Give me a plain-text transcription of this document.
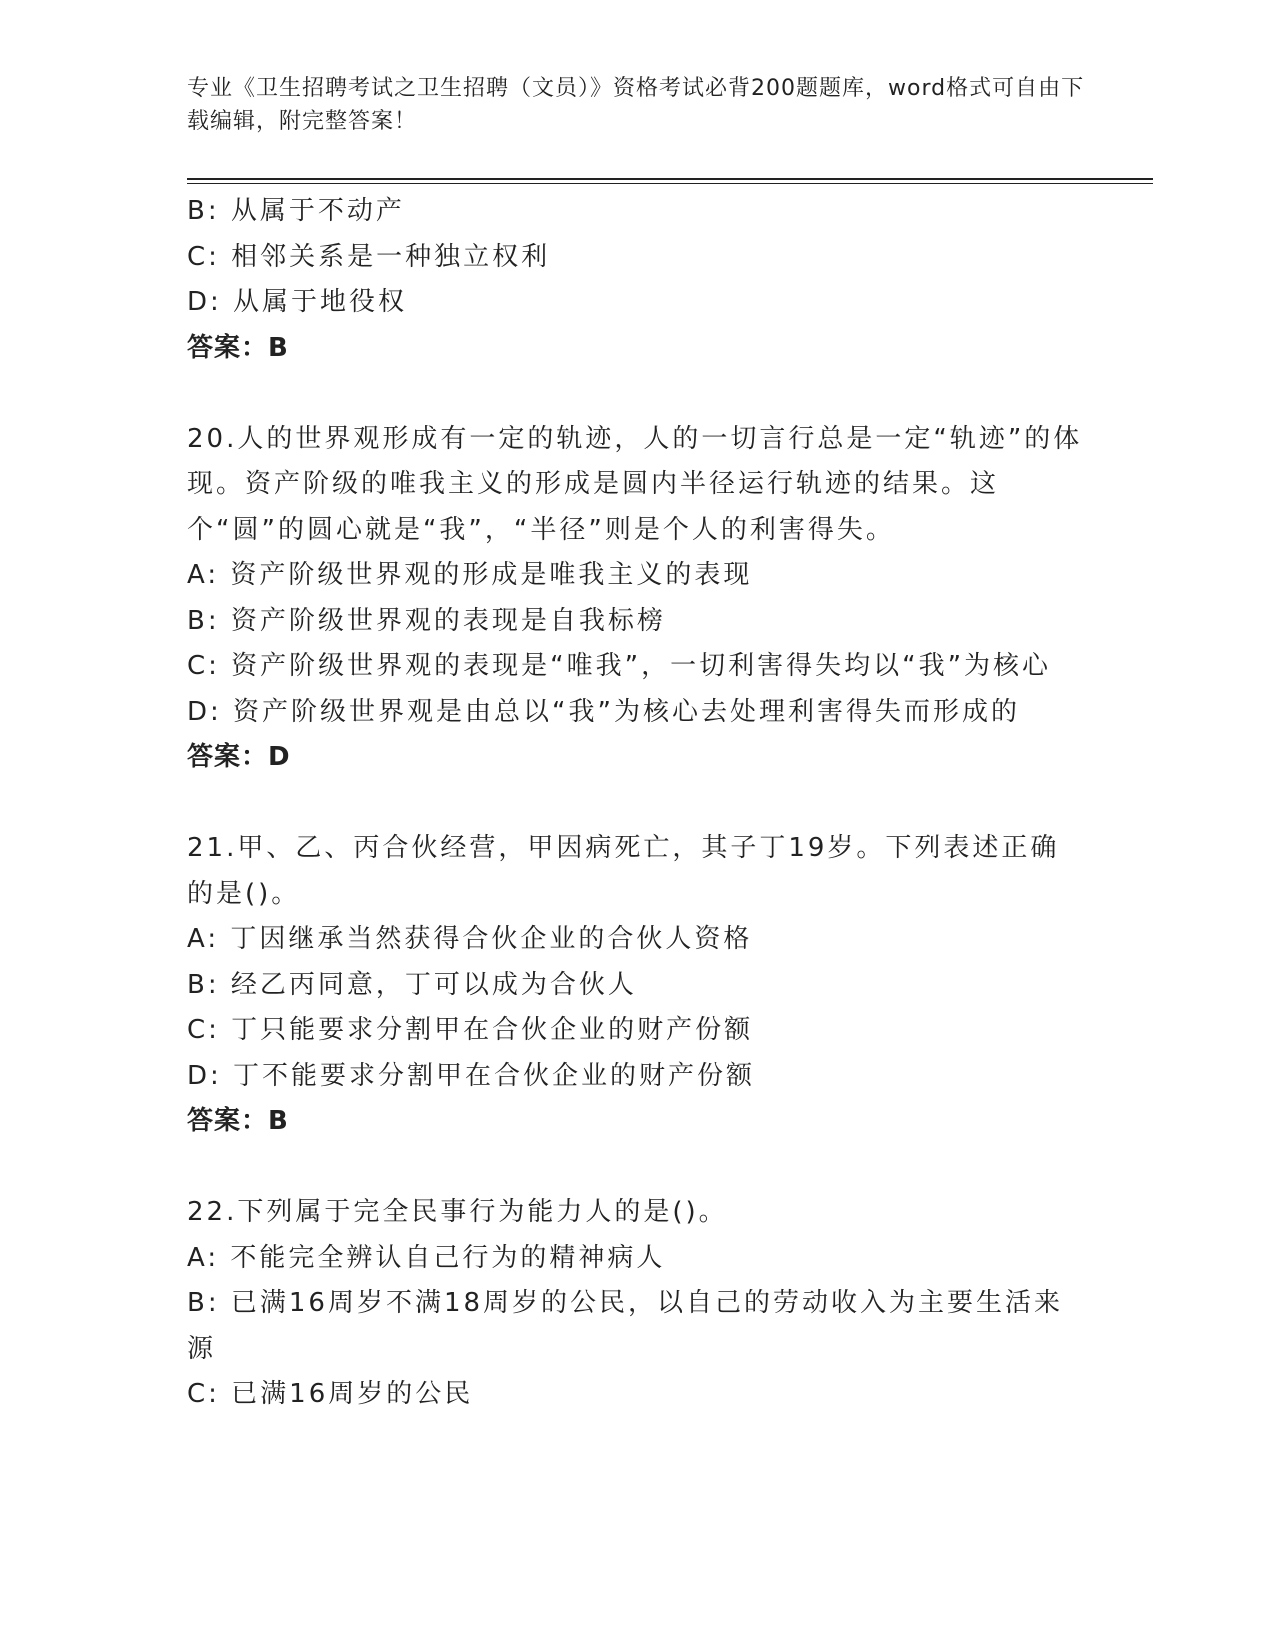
专业《卫生招聘考试之卫生招聘（文员）》资格考试必背200题题库，word格式可自由下载编辑，附完整答案！

B: 从属于不动产

C: 相邻关系是一种独立权利

D: 从属于地役权

答案：B

20.人的世界观形成有一定的轨迹，人的一切言行总是一定“轨迹”的体现。资产阶级的唯我主义的形成是圆内半径运行轨迹的结果。这个“圆”的圆心就是“我”，“半径”则是个人的利害得失。

A: 资产阶级世界观的形成是唯我主义的表现

B: 资产阶级世界观的表现是自我标榜

C: 资产阶级世界观的表现是“唯我”，一切利害得失均以“我”为核心

D: 资产阶级世界观是由总以“我”为核心去处理利害得失而形成的

答案：D

21.甲、乙、丙合伙经营，甲因病死亡，其子丁19岁。下列表述正确的是()。

A: 丁因继承当然获得合伙企业的合伙人资格

B: 经乙丙同意，丁可以成为合伙人

C: 丁只能要求分割甲在合伙企业的财产份额

D: 丁不能要求分割甲在合伙企业的财产份额

答案：B

22.下列属于完全民事行为能力人的是()。

A: 不能完全辨认自己行为的精神病人

B: 已满16周岁不满18周岁的公民，以自己的劳动收入为主要生活来源

C: 已满16周岁的公民
